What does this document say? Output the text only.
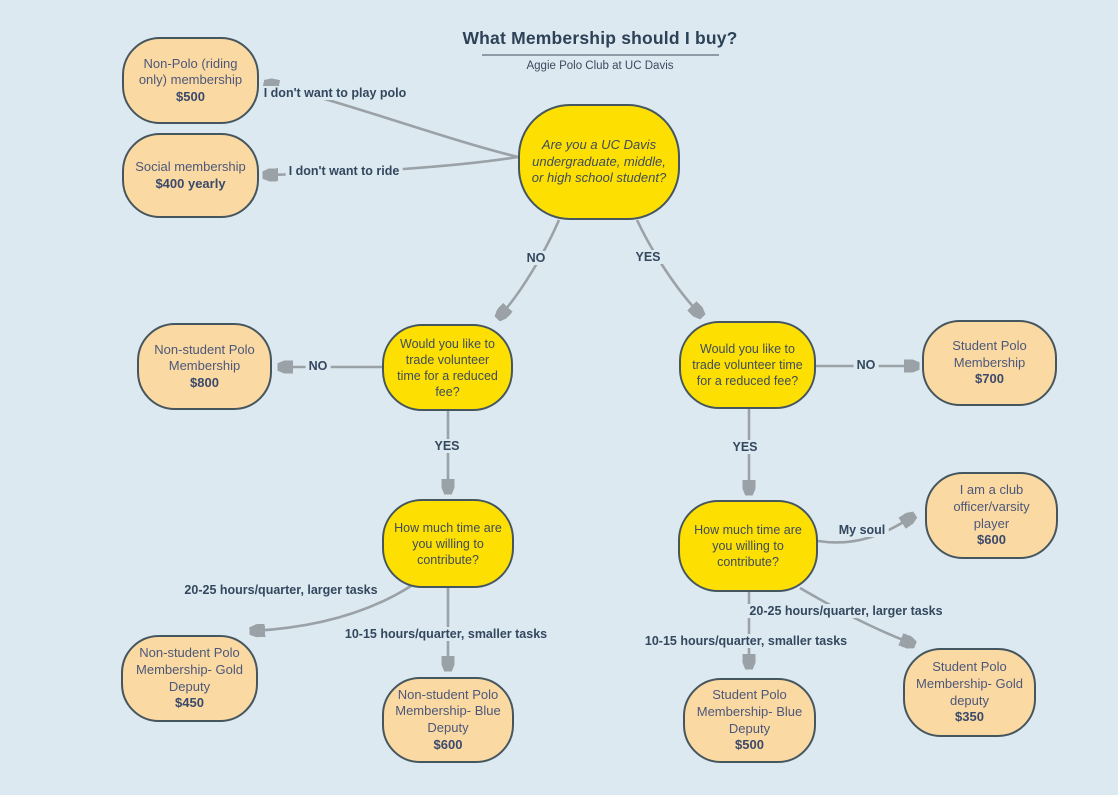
What Membership should I buy?
Aggie Polo Club at UC Davis
I don't want to play polo
I don't want to ride
NO	YES
NO
YES
NO
YES
20-25 hours/quarter, larger tasks
10-15 hours/quarter, smaller tasks
My soul
20-25 hours/quarter, larger tasks
10-15 hours/quarter, smaller tasks
Non-Polo (riding only) membership
$500
Social membership
$400 yearly
Non-student Polo Membership
$800
Student Polo Membership
$700
I am a club officer/varsity player
$600
Non-student Polo Membership- Gold Deputy
$450
Non-student Polo Membership- Blue Deputy
$600
Student Polo Membership- Blue Deputy
$500
Student Polo Membership- Gold deputy
$350
Are you a UC Davis undergraduate, middle, or high school student?
Would you like to trade volunteer time for a reduced fee?
Would you like to trade volunteer time for a reduced fee?
How much time are you willing to contribute?
How much time are you willing to contribute?
